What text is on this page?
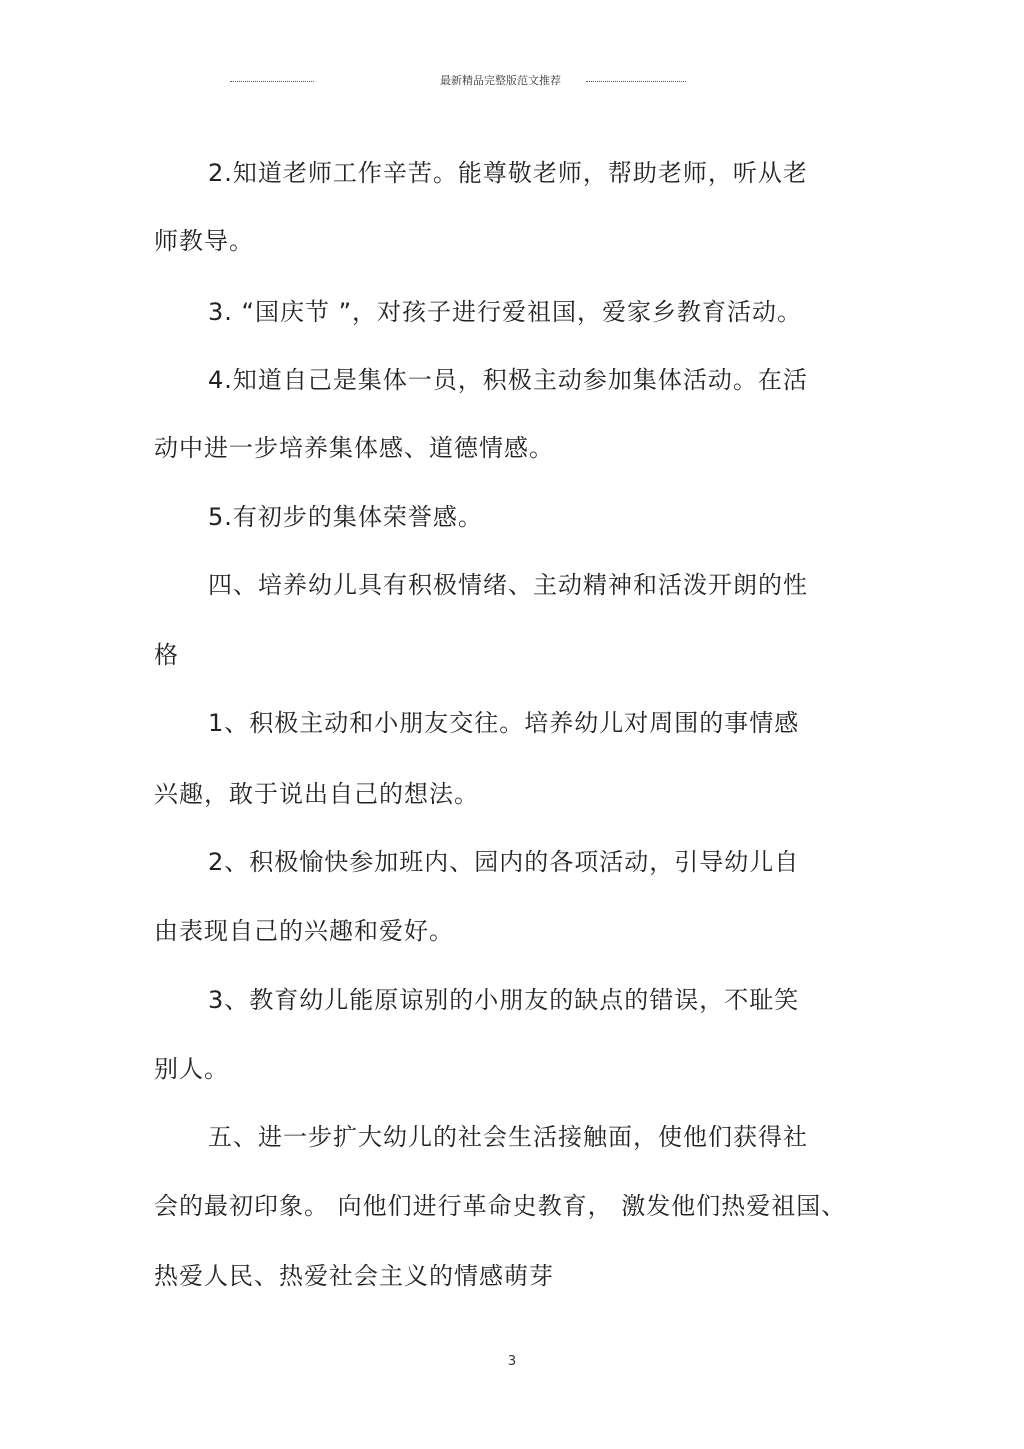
最新精品完整版范文推荐
2.知道老师工作辛苦。能尊敬老师，帮助老师，听从老
师教导。
3. “国庆节 ”，对孩子进行爱祖国，爱家乡教育活动。
4.知道自己是集体一员，积极主动参加集体活动。在活
动中进一步培养集体感、道德情感。
5.有初步的集体荣誉感。
四、培养幼儿具有积极情绪、主动精神和活泼开朗的性
格
1、积极主动和小朋友交往。培养幼儿对周围的事情感
兴趣，敢于说出自己的想法。
2、积极愉快参加班内、园内的各项活动，引导幼儿自
由表现自己的兴趣和爱好。
3、教育幼儿能原谅别的小朋友的缺点的错误，不耻笑
别人。
五、进一步扩大幼儿的社会生活接触面，使他们获得社
会的最初印象。 向他们进行革命史教育， 激发他们热爱祖国、
热爱人民、热爱社会主义的情感萌芽
3
